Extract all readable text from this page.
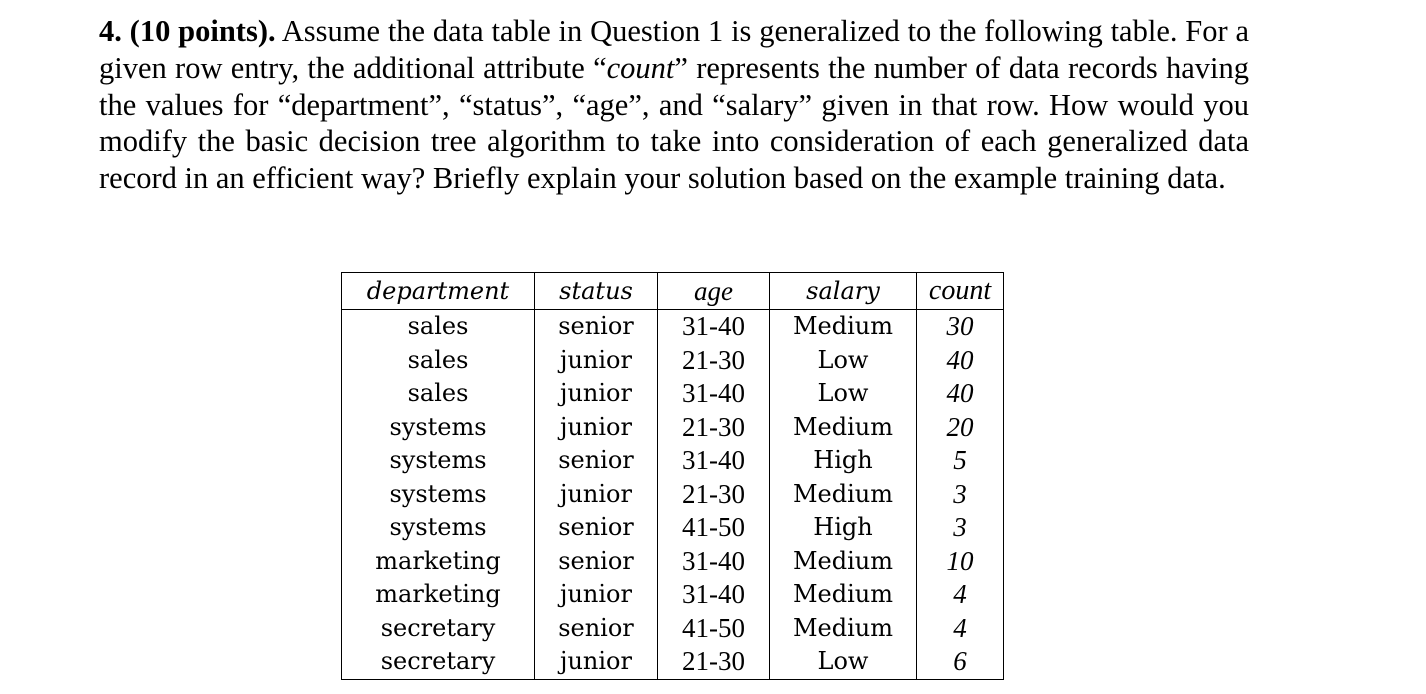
4. (10 points). Assume the data table in Question 1 is generalized to the following table. For a given row entry, the additional attribute “count” represents the number of data records having the values for “department”, “status”, “age”, and “salary” given in that row. How would you modify the basic decision tree algorithm to take into consideration of each generalized data record in an efficient way? Briefly explain your solution based on the example training data.

department	status	age	salary	count
sales	senior	31-40	Medium	30
sales	junior	21-30	Low	40
sales	junior	31-40	Low	40
systems	junior	21-30	Medium	20
systems	senior	31-40	High	5
systems	junior	21-30	Medium	3
systems	senior	41-50	High	3
marketing	senior	31-40	Medium	10
marketing	junior	31-40	Medium	4
secretary	senior	41-50	Medium	4
secretary	junior	21-30	Low	6
